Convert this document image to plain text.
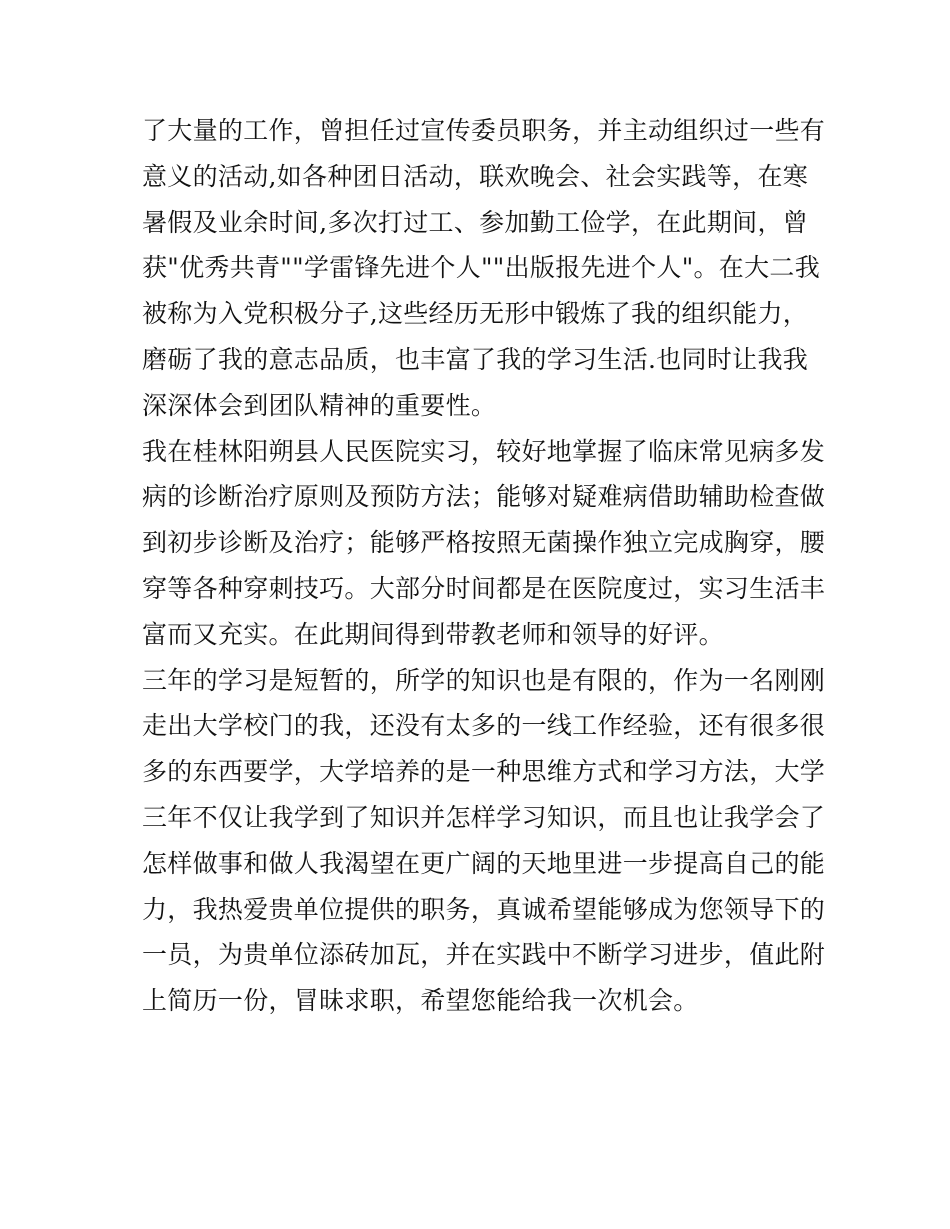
了大量的工作，曾担任过宣传委员职务，并主动组织过一些有
意义的活动,如各种团日活动，联欢晚会、社会实践等，在寒
暑假及业余时间,多次打过工、参加勤工俭学，在此期间，曾
获"优秀共青""学雷锋先进个人""出版报先进个人"。在大二我
被称为入党积极分子,这些经历无形中锻炼了我的组织能力，
磨砺了我的意志品质，也丰富了我的学习生活.也同时让我我
深深体会到团队精神的重要性。
我在桂林阳朔县人民医院实习，较好地掌握了临床常见病多发
病的诊断治疗原则及预防方法；能够对疑难病借助辅助检查做
到初步诊断及治疗；能够严格按照无菌操作独立完成胸穿，腰
穿等各种穿刺技巧。大部分时间都是在医院度过，实习生活丰
富而又充实。在此期间得到带教老师和领导的好评。
三年的学习是短暂的，所学的知识也是有限的，作为一名刚刚
走出大学校门的我，还没有太多的一线工作经验，还有很多很
多的东西要学，大学培养的是一种思维方式和学习方法，大学
三年不仅让我学到了知识并怎样学习知识，而且也让我学会了
怎样做事和做人我渴望在更广阔的天地里进一步提高自己的能
力，我热爱贵单位提供的职务，真诚希望能够成为您领导下的
一员，为贵单位添砖加瓦，并在实践中不断学习进步，值此附
上简历一份，冒昧求职，希望您能给我一次机会。
